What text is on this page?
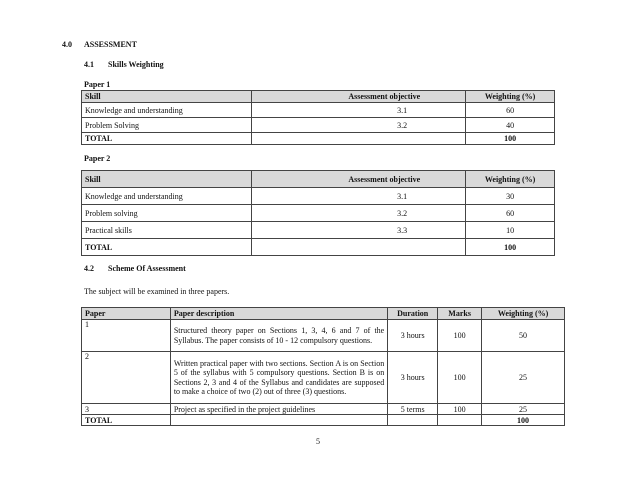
4.0 ASSESSMENT
4.1 Skills Weighting
Paper 1
Skill	Assessment objective	Weighting (%)
Knowledge and understanding	3.1	60
Problem Solving	3.2	40
TOTAL		100
Paper 2
Skill	Assessment objective	Weighting (%)
Knowledge and understanding	3.1	30
Problem solving	3.2	60
Practical skills	3.3	10
TOTAL		100
4.2 Scheme Of Assessment
The subject will be examined in three papers.
Paper	Paper description	Duration	Marks	Weighting (%)
1	Structured theory paper on Sections 1, 3, 4, 6 and 7 of the Syllabus. The paper consists of 10 - 12 compulsory questions.	3 hours	100	50
2	Written practical paper with two sections. Section A is on Section 5 of the syllabus with 5 compulsory questions. Section B is on Sections 2, 3 and 4 of the Syllabus and candidates are supposed to make a choice of two (2) out of three (3) questions.	3 hours	100	25
3	Project as specified in the project guidelines	5 terms	100	25
TOTAL				100
5
